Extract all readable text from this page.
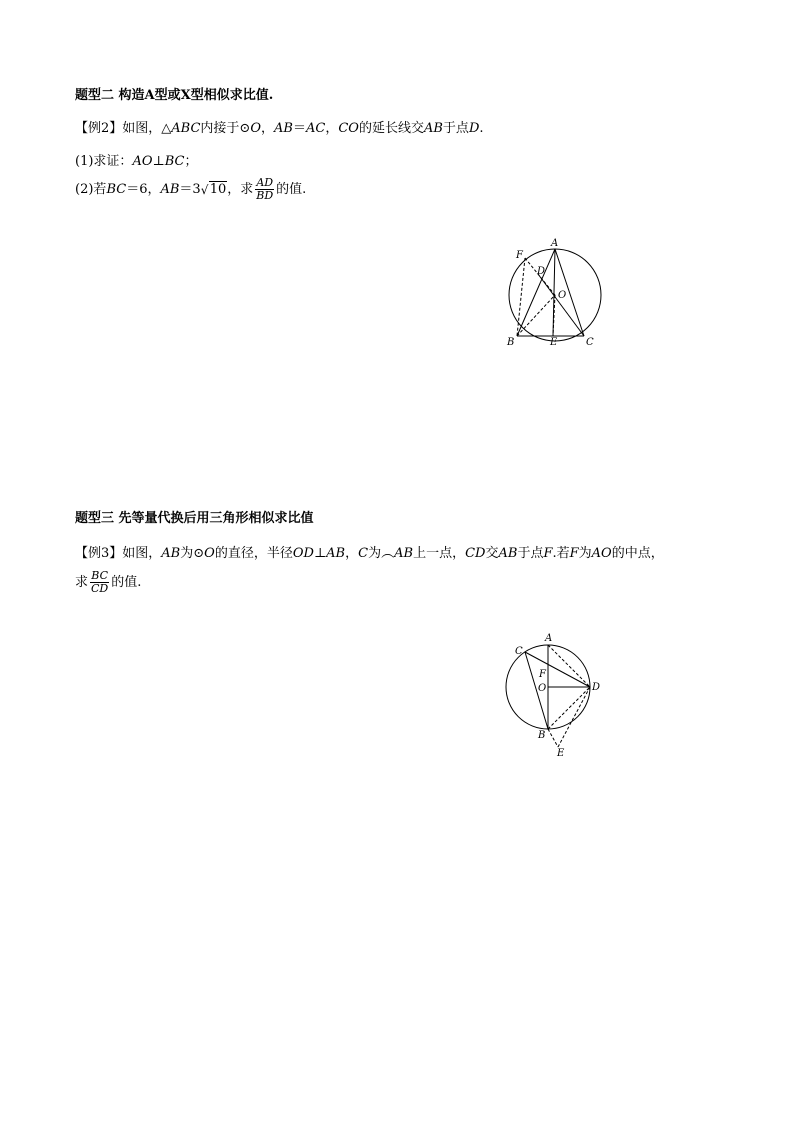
题型二 构造A型或X型相似求比值.
【例2】如图，△ABC内接于⊙O，AB＝AC，CO的延长线交AB于点D.
(1)求证：AO⊥BC；
(2)若BC＝6，AB＝3 √ 10，求 $\frac{AD}{BD}$ 的值.
A
B	C
D
O
F
E
题型三 先等量代换后用三角形相似求比值
【例3】如图，AB为⊙O的直径，半径OD⊥AB，C为︵AB上一点，CD交AB于点F.若F为AO的中点，
求 $\frac{BC}{CD}$ 的值.
A
B
C
D
O
F
E
